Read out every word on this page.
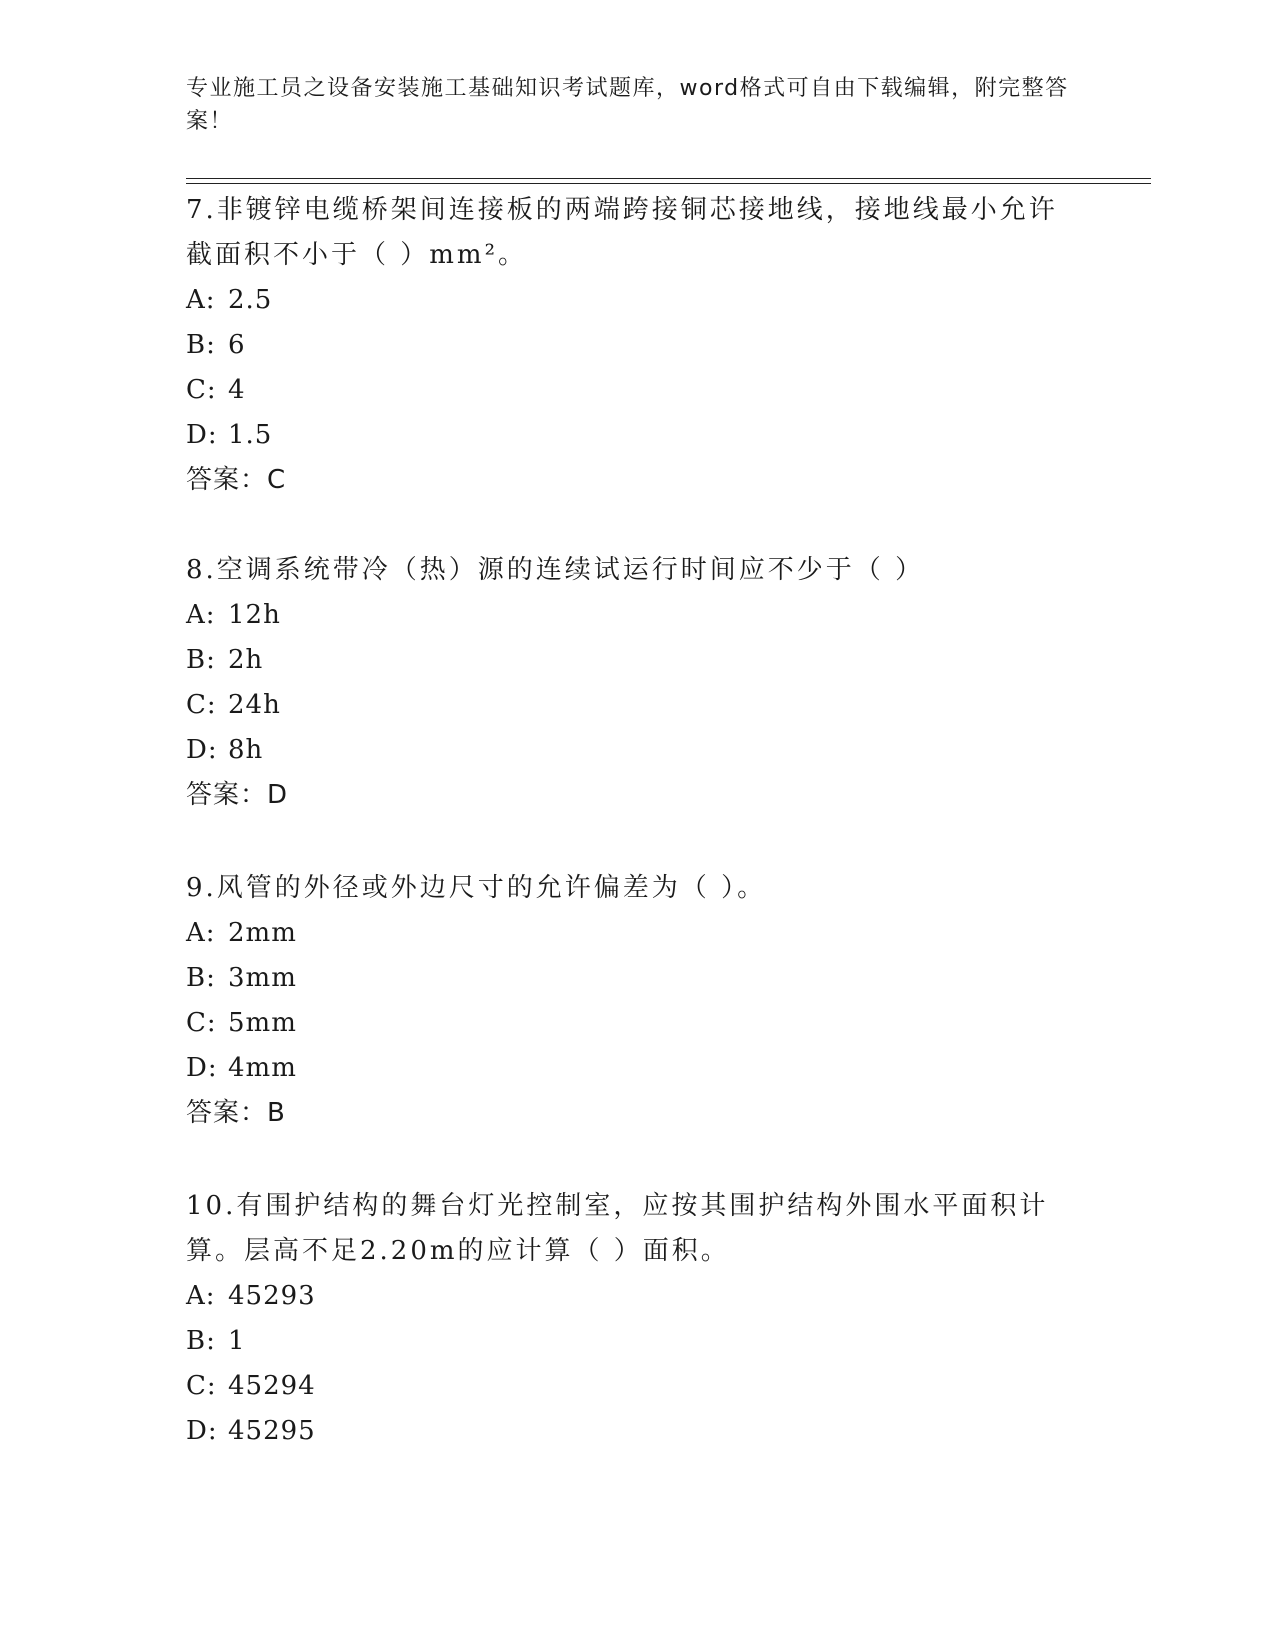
专业施工员之设备安装施工基础知识考试题库，word格式可自由下载编辑，附完整答案！
7.非镀锌电缆桥架间连接板的两端跨接铜芯接地线，接地线最小允许截面积不小于（ ）mm²。
A: 2.5
B: 6
C: 4
D: 1.5
答案：C
8.空调系统带冷（热）源的连续试运行时间应不少于（ ）
A: 12h
B: 2h
C: 24h
D: 8h
答案：D
9.风管的外径或外边尺寸的允许偏差为（ ）。
A: 2mm
B: 3mm
C: 5mm
D: 4mm
答案：B
10.有围护结构的舞台灯光控制室，应按其围护结构外围水平面积计算。层高不足2.20m的应计算（ ）面积。
A: 45293
B: 1
C: 45294
D: 45295
